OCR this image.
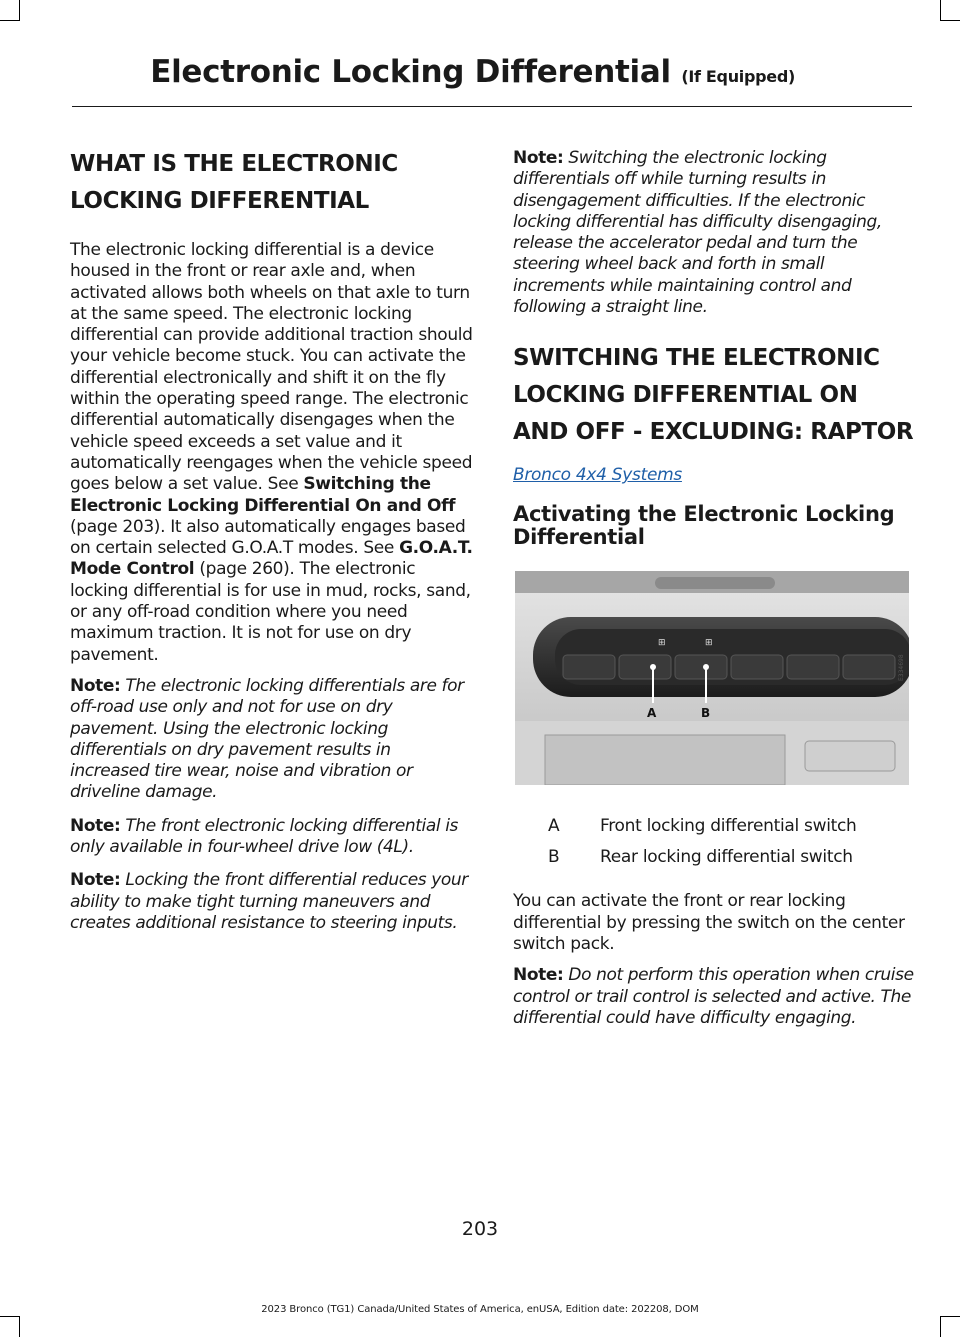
Electronic Locking Differential (If Equipped)
WHAT IS THE ELECTRONIC LOCKING DIFFERENTIAL

The electronic locking differential is a device housed in the front or rear axle and, when activated allows both wheels on that axle to turn at the same speed. The electronic locking differential can provide additional traction should your vehicle become stuck. You can activate the differential electronically and shift it on the fly within the operating speed range. The electronic differential automatically disengages when the vehicle speed exceeds a set value and it automatically reengages when the vehicle speed goes below a set value. See Switching the Electronic Locking Differential On and Off (page 203). It also automatically engages based on certain selected G.O.A.T modes. See G.O.A.T. Mode Control (page 260). The electronic locking differential is for use in mud, rocks, sand, or any off-road condition where you need maximum traction. It is not for use on dry pavement.

Note: The electronic locking differentials are for off-road use only and not for use on dry pavement. Using the electronic locking differentials on dry pavement results in increased tire wear, noise and vibration or driveline damage.

Note: The front electronic locking differential is only available in four-wheel drive low (4L).

Note: Locking the front differential reduces your ability to make tight turning maneuvers and creates additional resistance to steering inputs.

Note: Switching the electronic locking differentials off while turning results in disengagement difficulties. If the electronic locking differential has difficulty disengaging, release the accelerator pedal and turn the steering wheel back and forth in small increments while maintaining control and following a straight line.

SWITCHING THE ELECTRONIC LOCKING DIFFERENTIAL ON AND OFF - EXCLUDING: RAPTOR
Bronco 4x4 Systems
Activating the Electronic Locking Differential
⊞	⊞
A	B
E334698
A	Front locking differential switch
B	Rear locking differential switch

You can activate the front or rear locking differential by pressing the switch on the center switch pack.

Note: Do not perform this operation when cruise control or trail control is selected and active. The differential could have difficulty engaging.

203
2023 Bronco (TG1) Canada/United States of America, enUSA, Edition date: 202208, DOM
